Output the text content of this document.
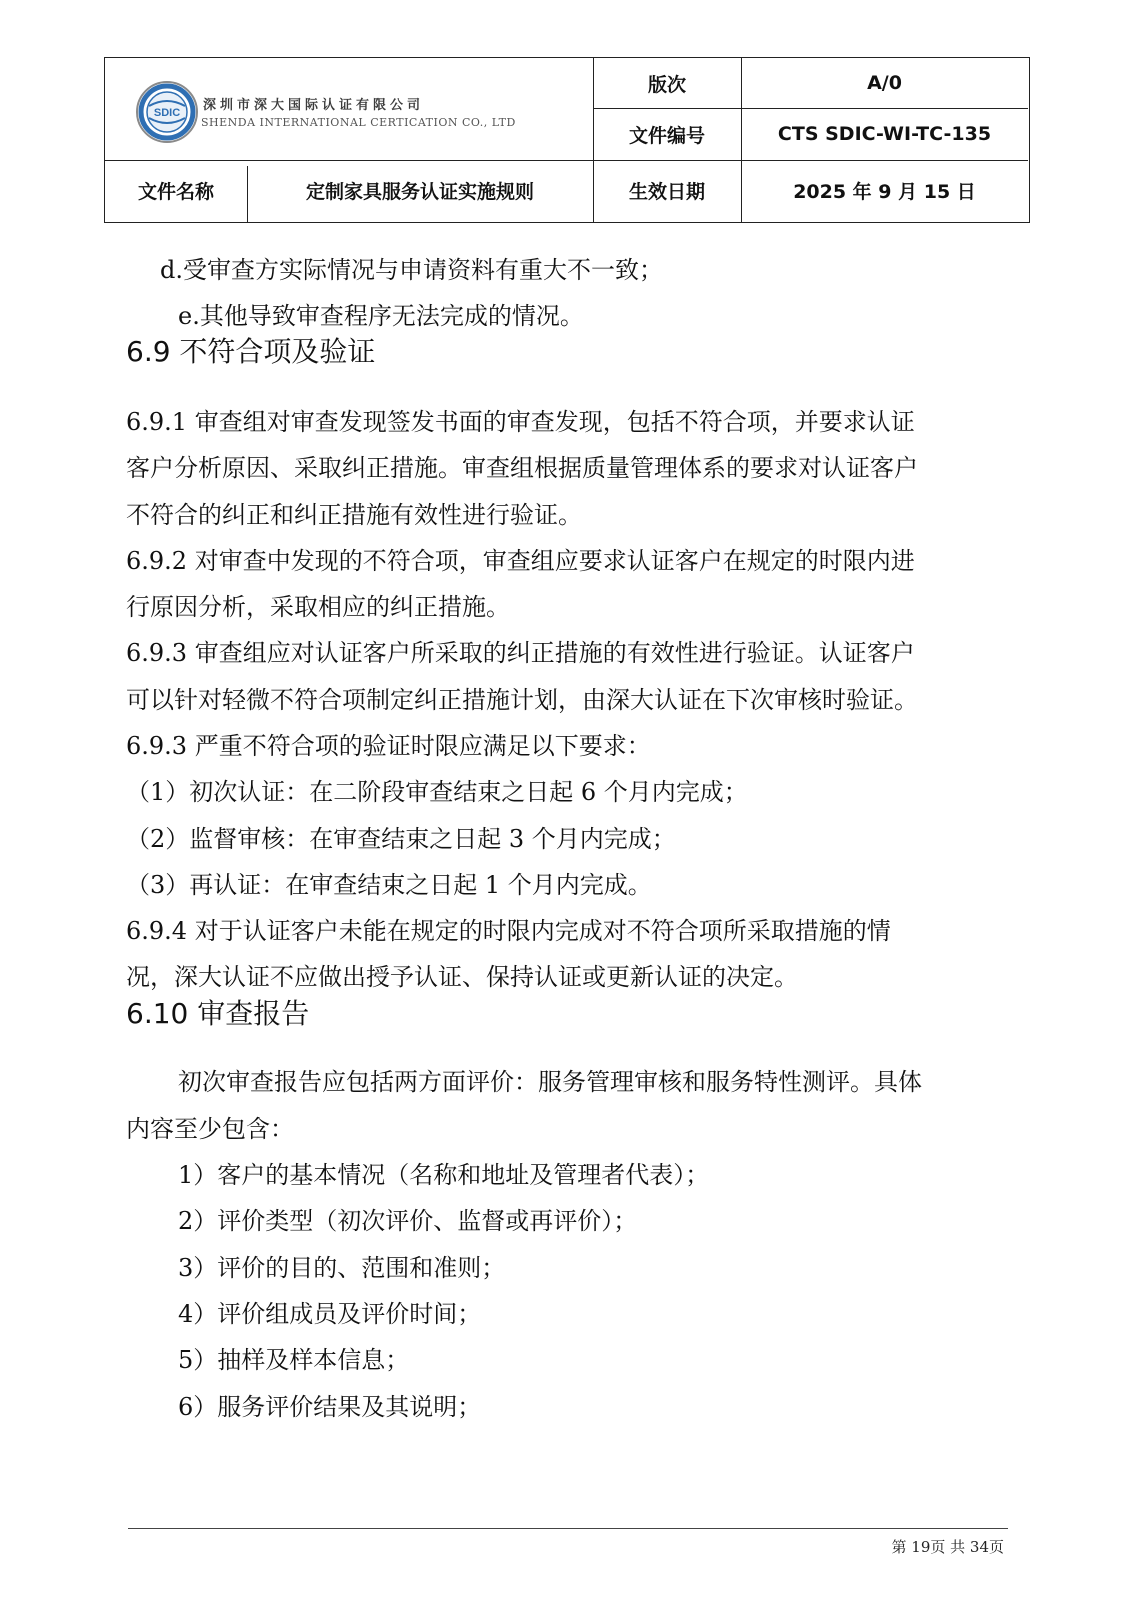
SDIC 深圳市深大国际认证有限公司
SHENDA INTERNATIONAL CERTICATION CO., LTD
版次	A/0
文件编号	CTS SDIC-WI-TC-135
文件名称	定制家具服务认证实施规则	生效日期	2025 年 9 月 15 日
d.受审查方实际情况与申请资料有重大不一致；
e.其他导致审查程序无法完成的情况。
6.9 不符合项及验证
6.9.1 审查组对审查发现签发书面的审查发现，包括不符合项，并要求认证
客户分析原因、采取纠正措施。审查组根据质量管理体系的要求对认证客户
不符合的纠正和纠正措施有效性进行验证。
6.9.2 对审查中发现的不符合项，审查组应要求认证客户在规定的时限内进
行原因分析，采取相应的纠正措施。
6.9.3 审查组应对认证客户所采取的纠正措施的有效性进行验证。认证客户
可以针对轻微不符合项制定纠正措施计划，由深大认证在下次审核时验证。
6.9.3 严重不符合项的验证时限应满足以下要求：
（1）初次认证：在二阶段审查结束之日起 6 个月内完成；
（2）监督审核：在审查结束之日起 3 个月内完成；
（3）再认证：在审查结束之日起 1 个月内完成。
6.9.4 对于认证客户未能在规定的时限内完成对不符合项所采取措施的情
况，深大认证不应做出授予认证、保持认证或更新认证的决定。
6.10 审查报告
初次审查报告应包括两方面评价：服务管理审核和服务特性测评。具体
内容至少包含：
1）客户的基本情况（名称和地址及管理者代表）；
2）评价类型（初次评价、监督或再评价）；
3）评价的目的、范围和准则；
4）评价组成员及评价时间；
5）抽样及样本信息；
6）服务评价结果及其说明；
第 19页 共 34页
